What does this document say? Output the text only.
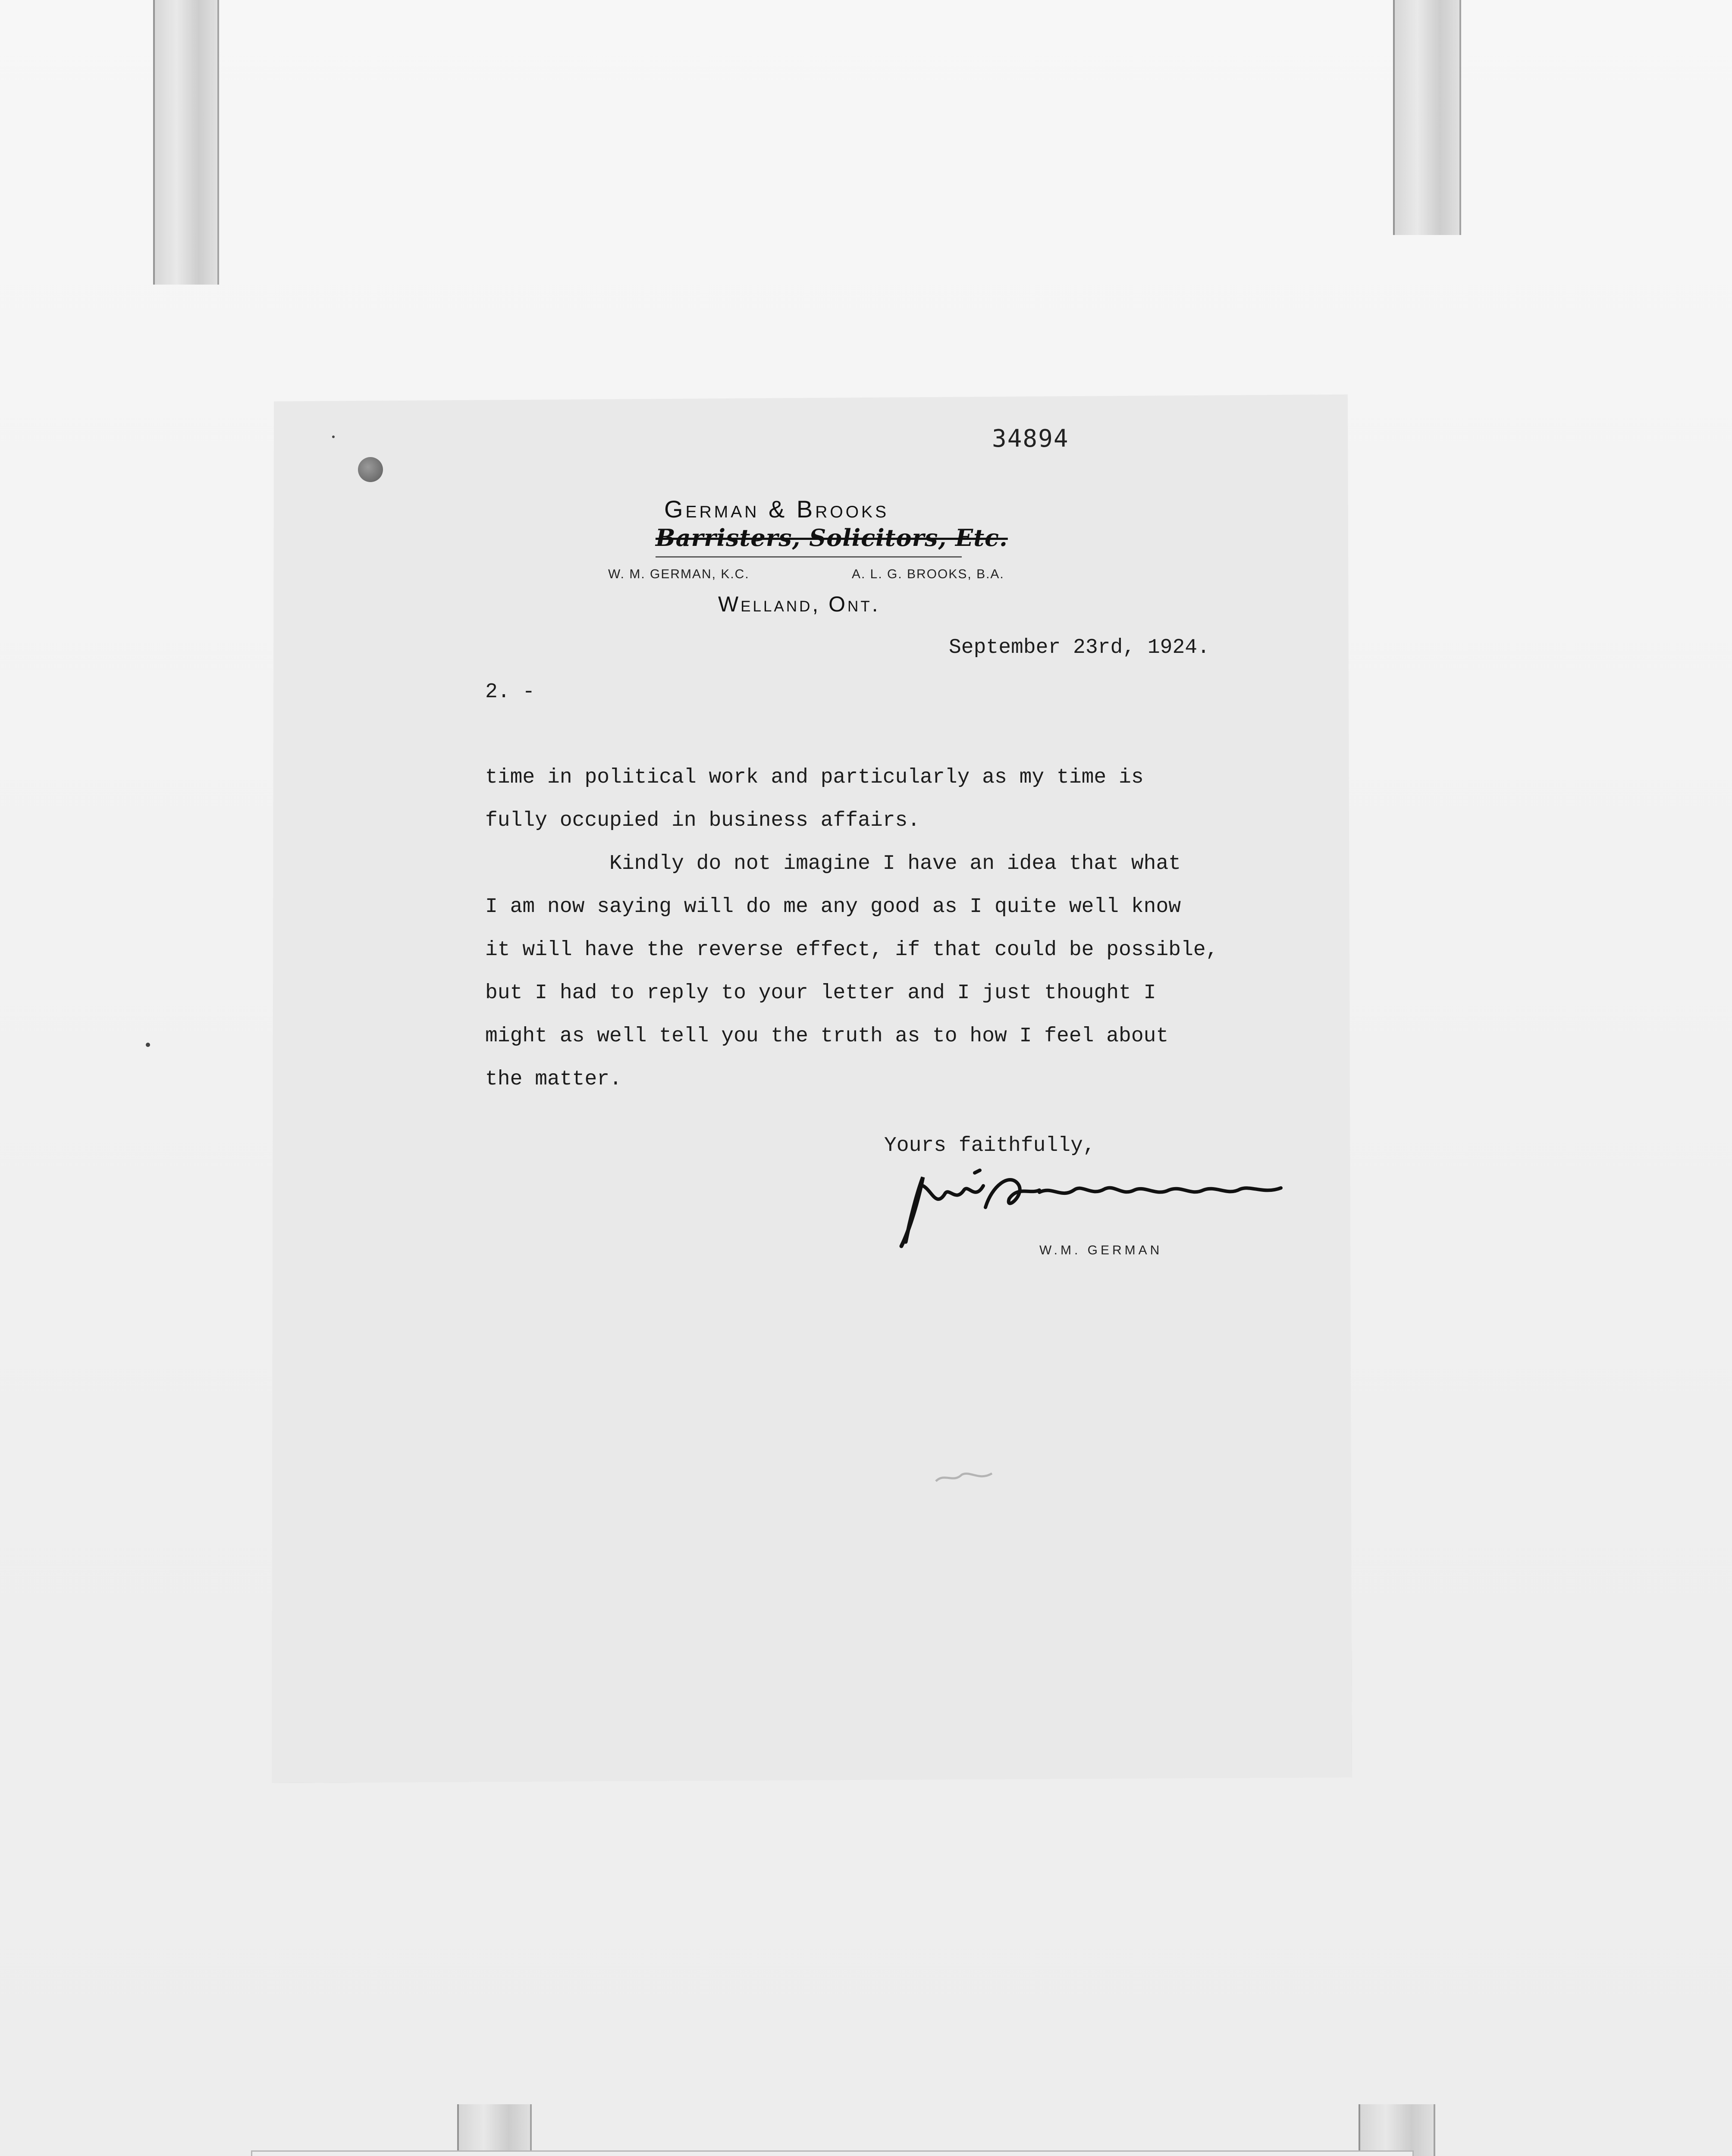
34894
German & Brooks
Barristers, Solicitors, Etc.
W. M. GERMAN, K.C.	A. L. G. BROOKS, B.A.
Welland, Ont.
September 23rd, 1924.
2. -
time in political work and particularly as my time is
fully occupied in business affairs.
Kindly do not imagine I have an idea that what
I am now saying will do me any good as I quite well know
it will have the reverse effect, if that could be possible,
but I had to reply to your letter and I just thought I
might as well tell you the truth as to how I feel about
the matter.
Yours faithfully,
W.M. GERMAN
